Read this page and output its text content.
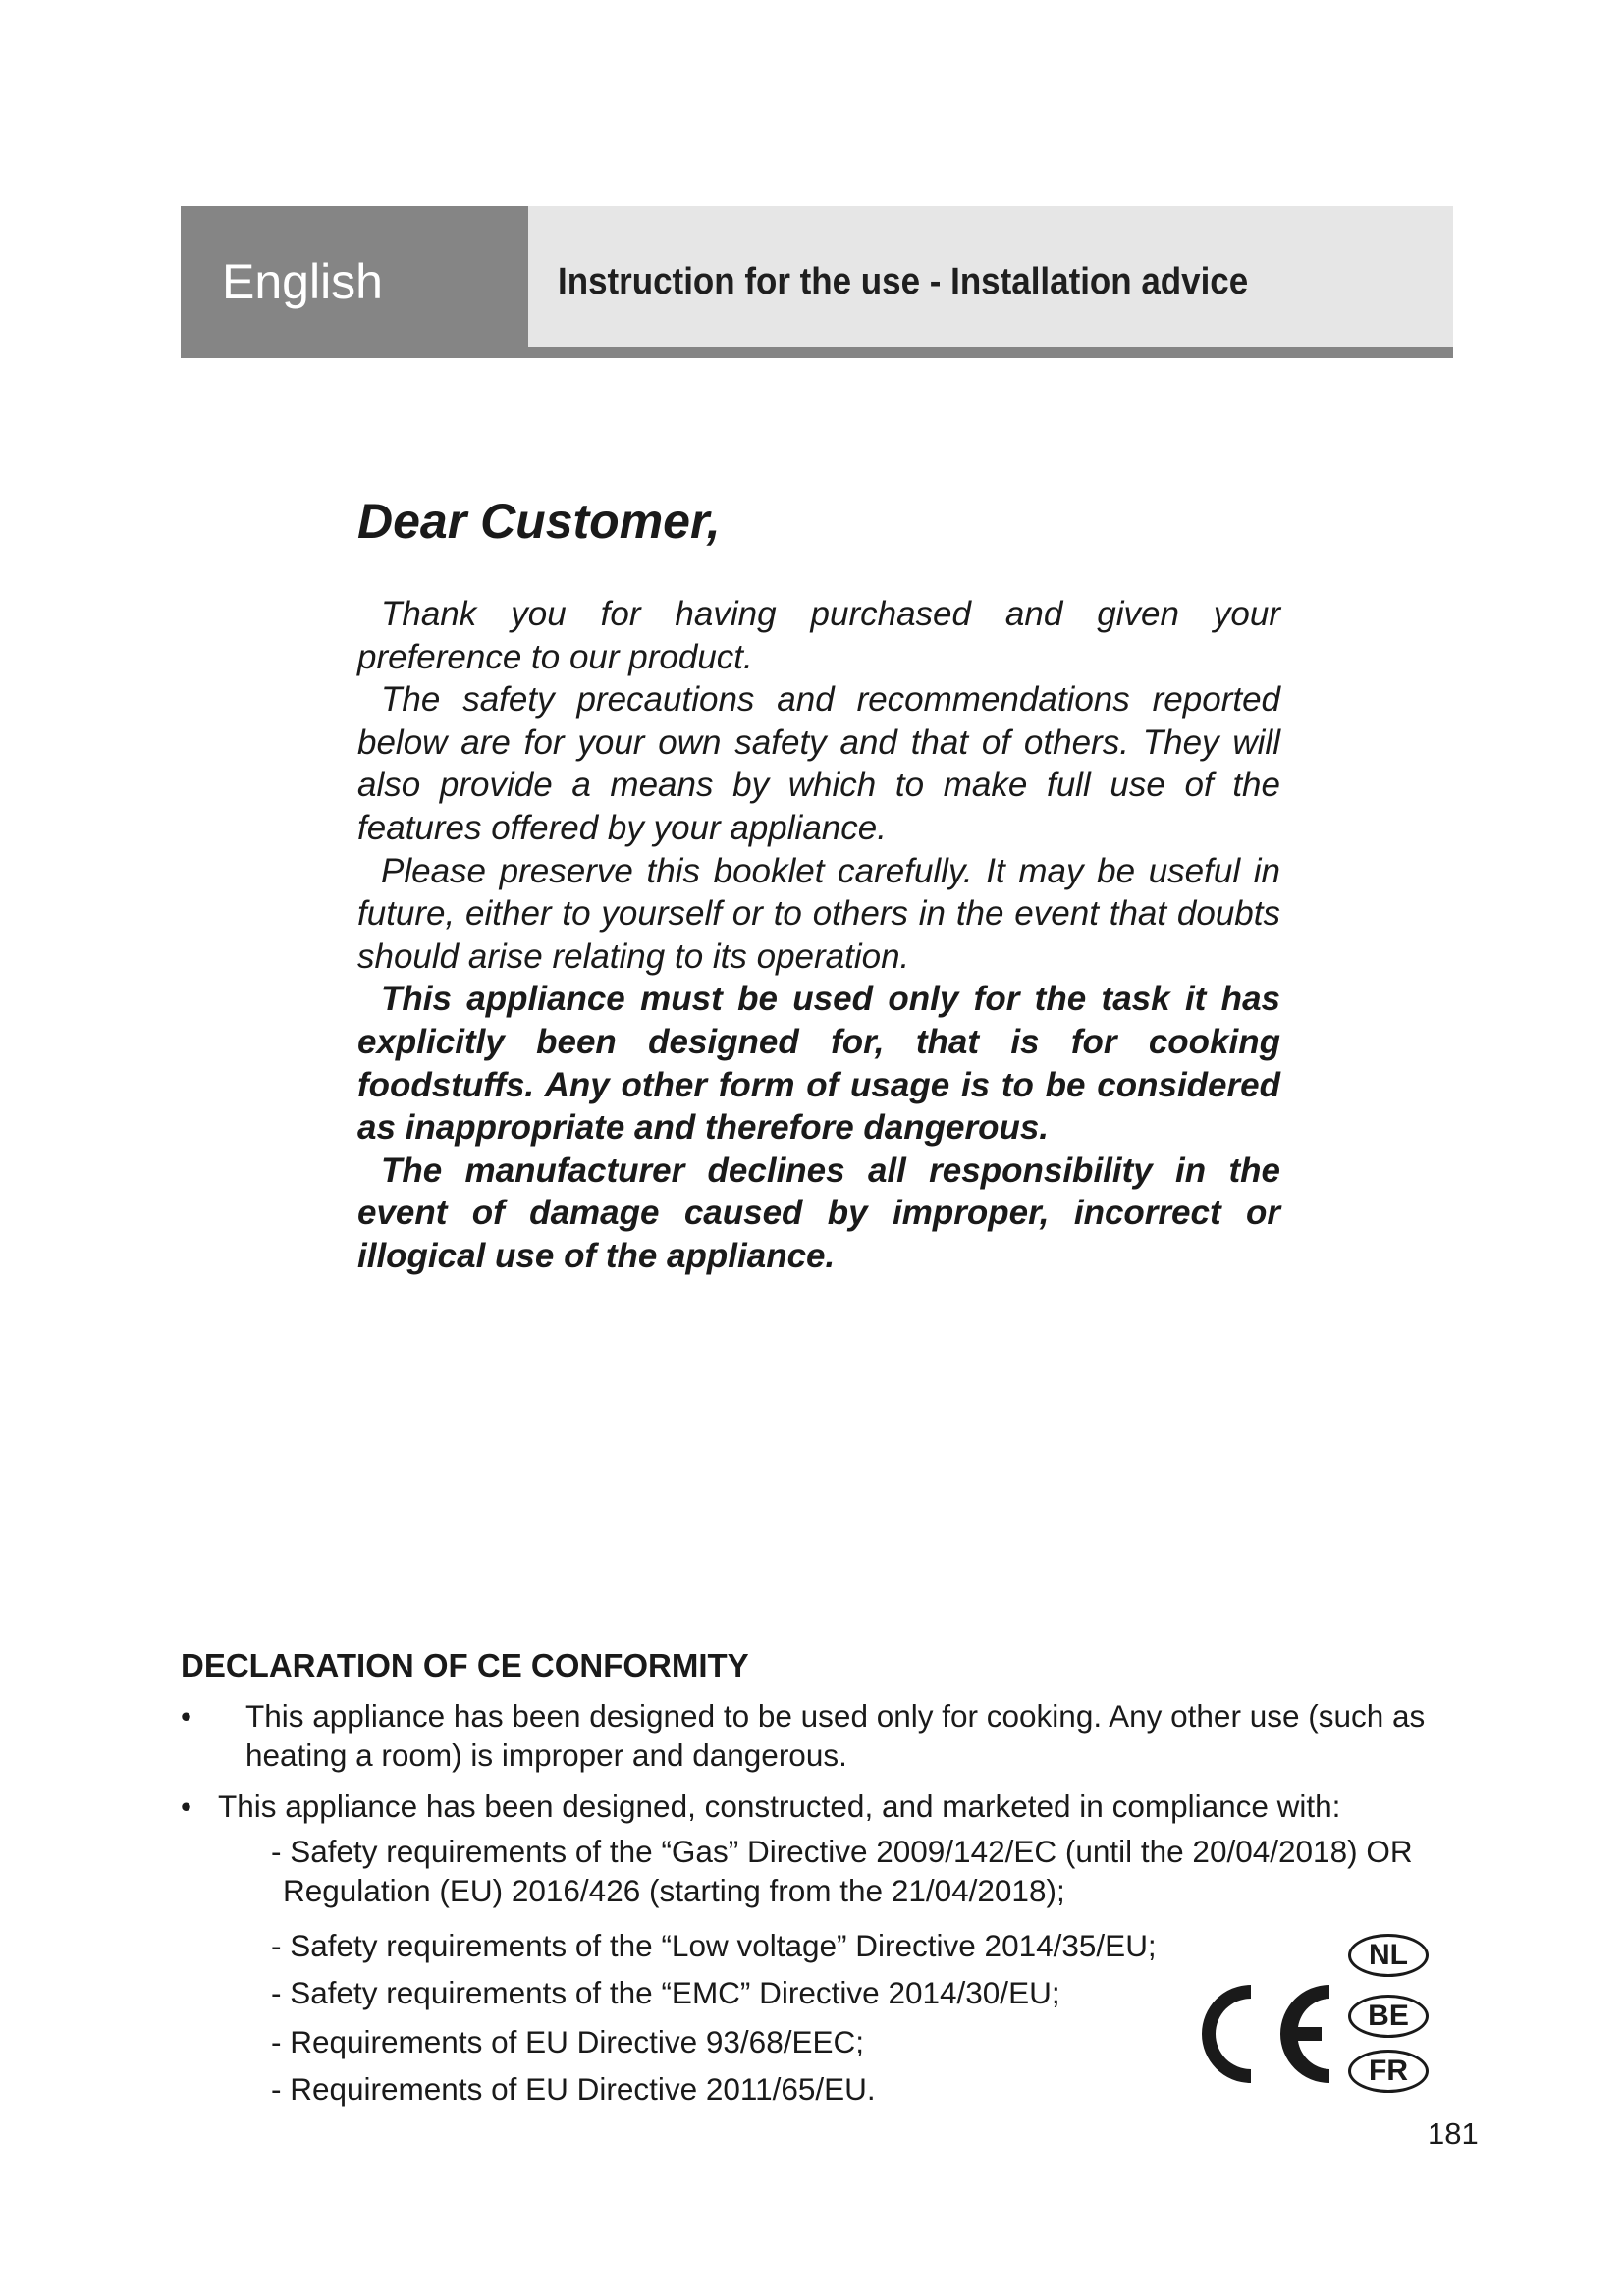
English	Instruction for the use - Installation advice
Dear Customer,

Thank you for having purchased and given your preference to our product.

The safety precautions and recommendations reported below are for your own safety and that of others. They will also provide a means by which to make full use of the features offered by your appliance.

Please preserve this booklet carefully. It may be useful in future, either to yourself or to others in the event that doubts should arise relating to its operation.

This appliance must be used only for the task it has explicitly been designed for, that is for cooking foodstuffs. Any other form of usage is to be considered as inappropriate and therefore dangerous.

The manufacturer declines all responsibility in the event of damage caused by improper, incorrect or illogical use of the appliance.

DECLARATION OF CE CONFORMITY
• This appliance has been designed to be used only for cooking. Any other use (such as heating a room) is improper and dangerous.
• This appliance has been designed, constructed, and marketed in compliance with:
- Safety requirements of the “Gas” Directive 2009/142/EC (until the 20/04/2018) OR
Regulation (EU) 2016/426 (starting from the 21/04/2018);
- Safety requirements of the “Low voltage” Directive 2014/35/EU;
- Safety requirements of the “EMC” Directive 2014/30/EU;
- Requirements of EU Directive 93/68/EEC;
- Requirements of EU Directive 2011/65/EU.
NL
BE
FR
181
